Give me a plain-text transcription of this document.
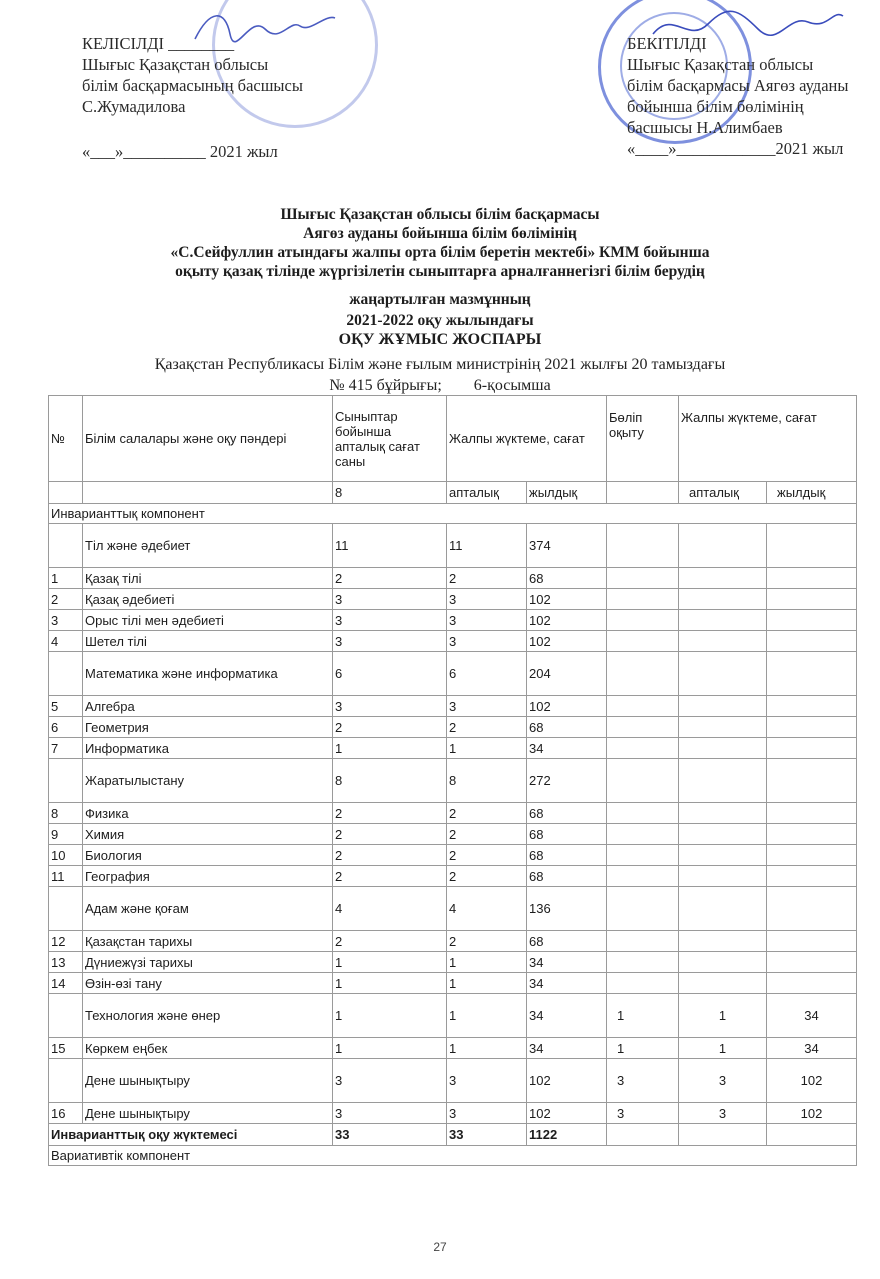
КЕЛІСІЛДІ ________
Шығыс Қазақстан облысы
білім басқармасының басшысы
С.Жумадилова
«___»__________ 2021 жыл
БЕКІТІЛДІ
Шығыс Қазақстан облысы
білім басқармасы Аягөз ауданы
бойынша білім бөлімінің
басшысы Н.Алимбаев
«____»____________2021 жыл
Шығыс Қазақстан облысы білім басқармасы
Аягөз ауданы бойынша білім бөлімінің
«С.Сейфуллин атындағы жалпы орта білім беретін мектебі» КММ бойынша
оқыту қазақ тілінде жүргізілетін сыныптарға арналғаннегізгі білім берудің
жаңартылған мазмұнның
2021-2022 оқу жылындағы
ОҚУ ЖҰМЫС ЖОСПАРЫ
Қазақстан Республикасы Білім және ғылым министрінің 2021 жылғы 20 тамыздағы
№ 415 бұйрығы;        6-қосымша
№	Білім салалары және оқу пәндері	Сыныптар бойынша апталық сағат саны	Жалпы жүктеме, сағат		Бөліп оқыту	Жалпы жүктеме, сағат	
		8	апталық	жылдық		апталық	жылдық
Инварианттық компонент							
	Тіл және әдебиет	11	11	374			
1	Қазақ тілі	2	2	68			
2	Қазақ әдебиеті	3	3	102			
3	Орыс тілі мен әдебиеті	3	3	102			
4	Шетел тілі	3	3	102			
	Математика және информатика	6	6	204			
5	Алгебра	3	3	102			
6	Геометрия	2	2	68			
7	Информатика	1	1	34			
	Жаратылыстану	8	8	272			
8	Физика	2	2	68			
9	Химия	2	2	68			
10	Биология	2	2	68			
11	География	2	2	68			
	Адам және қоғам	4	4	136			
12	Қазақстан тарихы	2	2	68			
13	Дүниежүзі тарихы	1	1	34			
14	Өзін-өзі тану	1	1	34			
	Технология және өнер	1	1	34	1	1	34
15	Көркем еңбек	1	1	34	1	1	34
	Дене шынықтыру	3	3	102	3	3	102
16	Дене шынықтыру	3	3	102	3	3	102
Инварианттық оқу жүктемесі		33	33	1122			
Вариативтік компонент							
27
